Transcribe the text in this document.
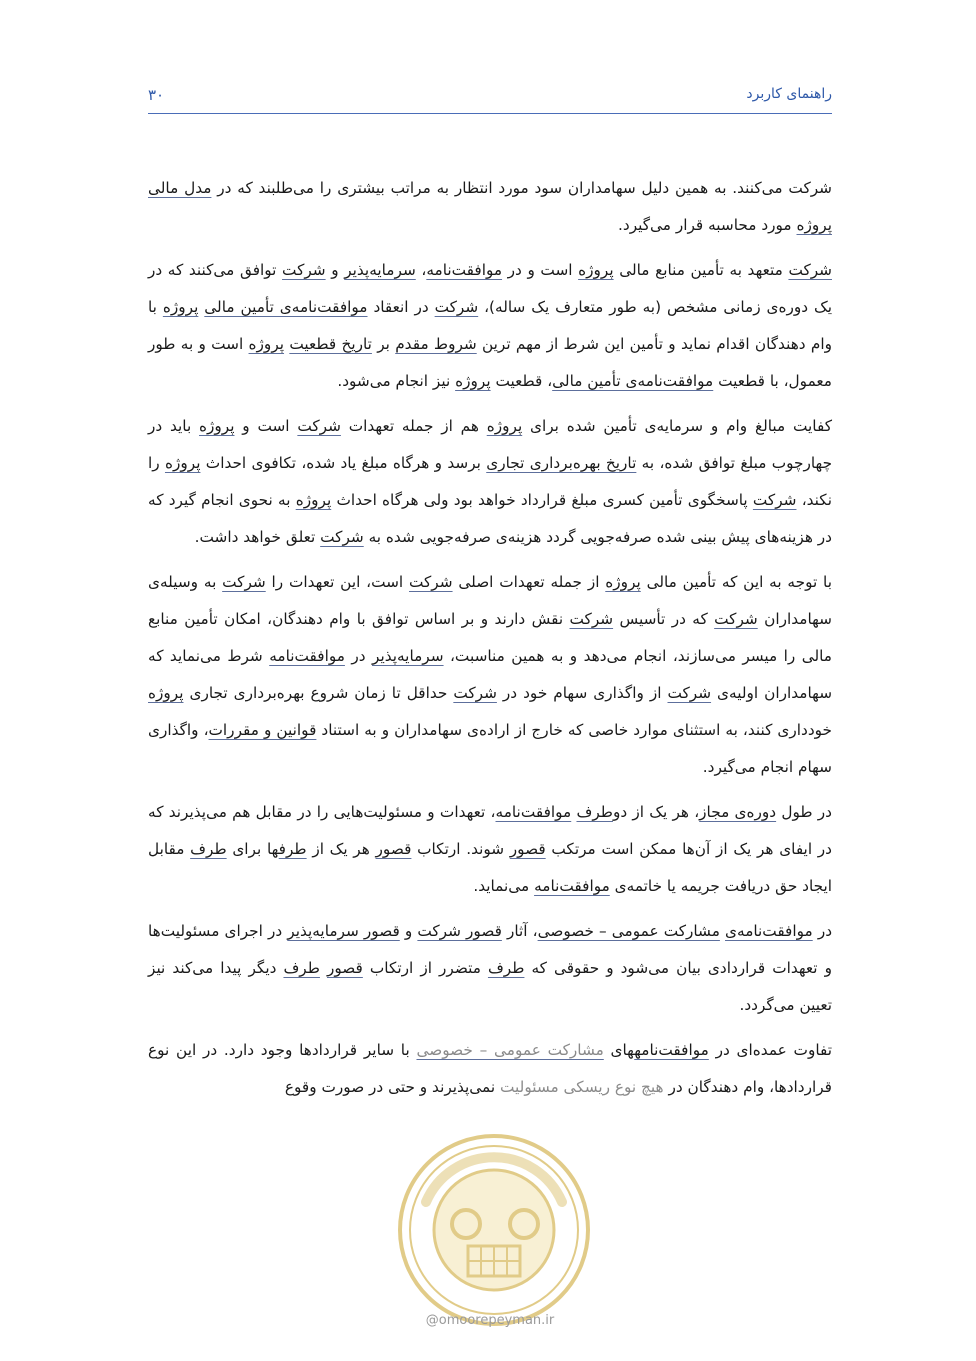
راهنمای کاربرد
۳۰

شرکت می‌کنند. به همین دلیل سهامداران سود مورد انتظار به مراتب بیشتری را می‌طلبند که در مدل مالی پروژه مورد محاسبه قرار می‌گیرد.

شرکت متعهد به تأمین منابع مالی پروژه است و در موافقت‌نامه، سرمایه‌پذیر و شرکت توافق می‌کنند که در یک دوره‌ی زمانی مشخص (به طور متعارف یک ساله)، شرکت در انعقاد موافقت‌نامه‌ی تأمین مالی پروژه با وام دهندگان اقدام نماید و تأمین این شرط از مهم ترین شروط مقدم بر تاریخ قطعیت پروژه است و به طور معمول، با قطعیت موافقت‌نامه‌ی تأمین مالی، قطعیت پروژه نیز انجام می‌شود.

کفایت مبالغ وام و سرمایه‌ی تأمین شده برای پروژه هم از جمله تعهدات شرکت است و پروژه باید در چهارچوب مبلغ توافق شده، به تاریخ بهره‌برداری تجاری برسد و هرگاه مبلغ یاد شده، تکافوی احداث پروژه را نکند، شرکت پاسخگوی تأمین کسری مبلغ قرارداد خواهد بود ولی هرگاه احداث پروژه به نحوی انجام گیرد که در هزینه‌های پیش بینی شده صرفه‌جویی گردد هزینه‌ی صرفه‌جویی شده به شرکت تعلق خواهد داشت.

با توجه به این که تأمین مالی پروژه از جمله تعهدات اصلی شرکت است، این تعهدات را شرکت به وسیله‌ی سهامداران شرکت که در تأسیس شرکت نقش دارند و بر اساس توافق با وام دهندگان، امکان تأمین منابع مالی را میسر می‌سازند، انجام می‌دهد و به همین مناسبت، سرمایه‌پذیر در موافقت‌نامه شرط می‌نماید که سهامداران اولیه‌ی شرکت از واگذاری سهام خود در شرکت حداقل تا زمان شروع بهره‌برداری تجاری پروژه خودداری کنند، به استثنای موارد خاصی که خارج از اراده‌ی سهامداران و به استناد قوانین و مقررات، واگذاری سهام انجام می‌گیرد.

در طول دوره‌ی مجاز، هر یک از دوطرف موافقت‌نامه، تعهدات و مسئولیت‌هایی را در مقابل هم می‌پذیرند که در ایفای هر یک از آن‌ها ممکن است مرتکب قصور شوند. ارتکاب قصور هر یک از طرفها برای طرف مقابل ایجاد حق دریافت جریمه یا خاتمه‌ی موافقت‌نامه می‌نماید.

در موافقت‌نامه‌ی مشارکت عمومی – خصوصی، آثار قصور شرکت و قصور سرمایه‌پذیر در اجرای مسئولیت‌ها و تعهدات قراردادی بیان می‌شود و حقوقی که طرف متضرر از ارتکاب قصور طرف دیگر پیدا می‌کند نیز تعیین می‌گردد.

تفاوت عمده‌ای در موافقت‌نامههای مشارکت عمومی – خصوصی با سایر قراردادها وجود دارد. در این نوع قراردادها، وام دهندگان در هیچ نوع ریسکی مسئولیت نمی‌پذیرند و حتی در صورت وقوع

@omoorepeyman.ir
